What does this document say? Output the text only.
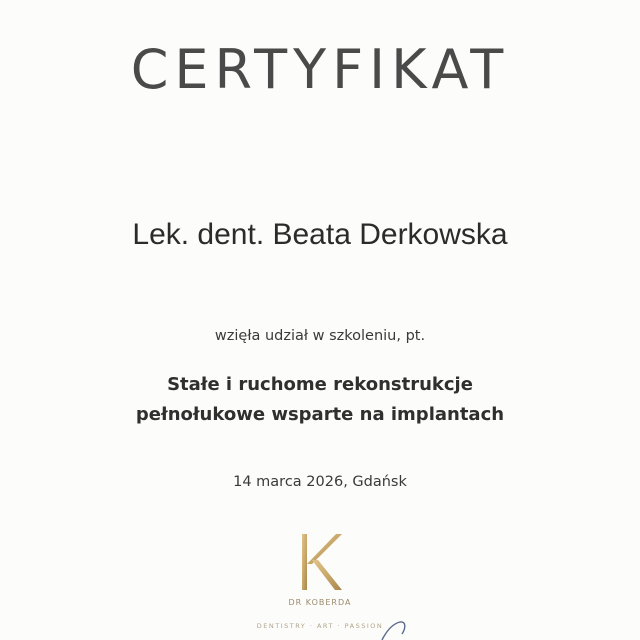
CERTYFIKAT
Lek. dent. Beata Derkowska
wzięła udział w szkoleniu, pt.
Stałe i ruchome rekonstrukcje
pełnołukowe wsparte na implantach
14 marca 2026, Gdańsk
DR KOBERDA
DENTISTRY · ART · PASSION
